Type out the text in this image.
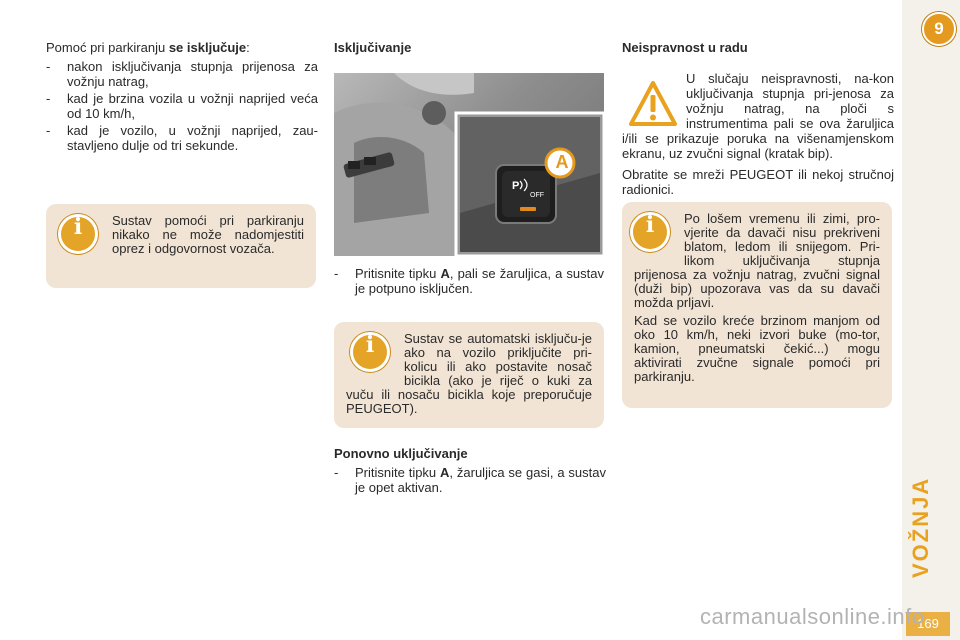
Pomoć pri parkiranju se isključuje:

- nakon isključivanja stupnja prijenosa za vožnju natrag,
- kad je brzina vozila u vožnji naprijed veća od 10 km/h,
- kad je vozilo, u vožnji naprijed, zau-stavljeno dulje od tri sekunde.
i	Sustav pomoći pri parkiranju nikako ne može nadomjestiti oprez i odgovornost vozača.

Isključivanje

P
OFF
A
- Pritisnite tipku A, pali se žaruljica, a sustav je potpuno isključen.
i	Sustav se automatski isključu-je ako na vozilo priključite pri-kolicu ili ako postavite nosač bicikla (ako je riječ o kuki za vuču ili nosaču bicikla koje preporučuje PEUGEOT).

Ponovno uključivanje

- Pritisnite tipku A, žaruljica se gasi, a sustav je opet aktivan.

Neispravnost u radu

U slučaju neispravnosti, na-kon uključivanja stupnja pri-jenosa za vožnju natrag, na ploči s instrumentima pali se ova žaruljica i/ili se prikazuje poruka na višenamjenskom ekranu, uz zvučni signal (kratak bip).

Obratite se mreži PEUGEOT ili nekoj stručnoj radionici.

i	Po lošem vremenu ili zimi, pro-vjerite da davači nisu prekriveni blatom, ledom ili snijegom. Pri-likom uključivanja stupnja prijenosa za vožnju natrag, zvučni signal (duži bip) upozorava vas da su davači možda prljavi.

Kad se vozilo kreće brzinom manjom od oko 10 km/h, neki izvori buke (mo-tor, kamion, pneumatski čekić...) mogu aktivirati zvučne signale pomoći pri parkiranju.

9
VOŽNJA
169
carmanualsonline.info
